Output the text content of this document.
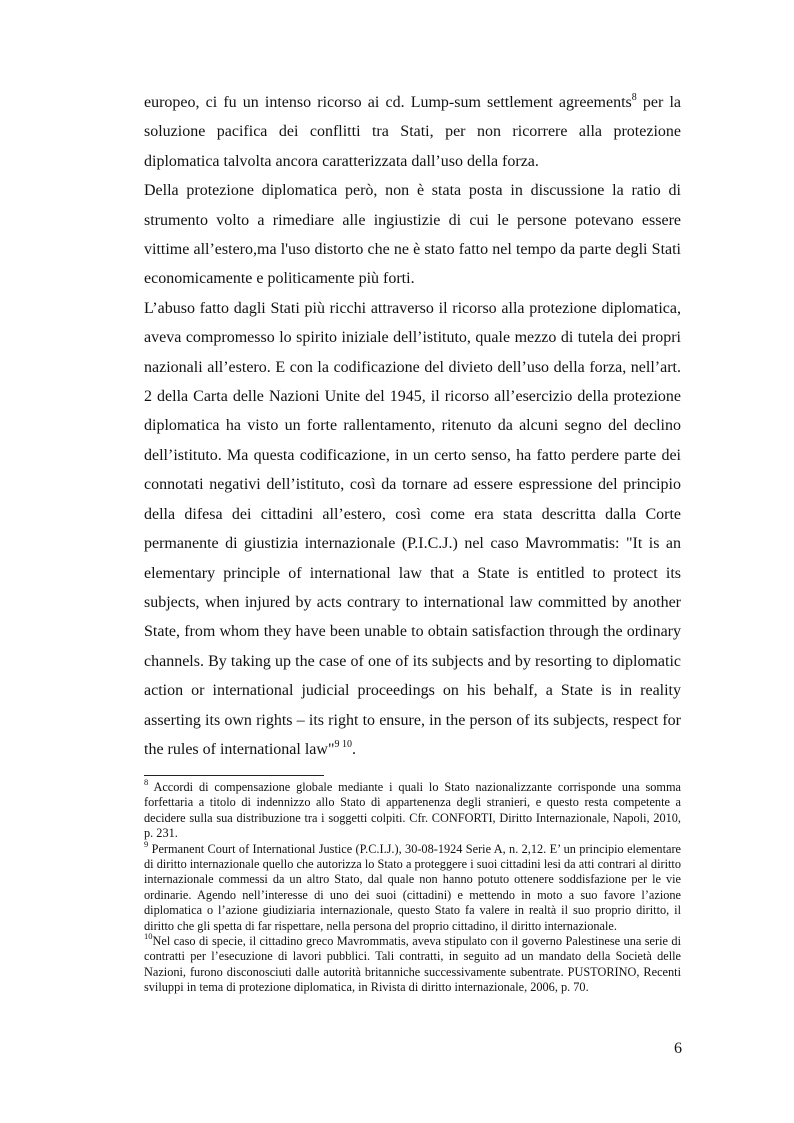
europeo, ci fu un intenso ricorso ai cd. Lump-sum settlement agreements$^8$ per la soluzione pacifica dei conflitti tra Stati, per non ricorrere alla protezione diplomatica talvolta ancora caratterizzata dall’uso della forza.

Della protezione diplomatica però, non è stata posta in discussione la ratio di strumento volto a rimediare alle ingiustizie di cui le persone potevano essere vittime all’estero,ma l'uso distorto che ne è stato fatto nel tempo da parte degli Stati economicamente e politicamente più forti.

L’abuso fatto dagli Stati più ricchi attraverso il ricorso alla protezione diplomatica, aveva compromesso lo spirito iniziale dell’istituto, quale mezzo di tutela dei propri nazionali all’estero. E con la codificazione del divieto dell’uso della forza, nell’art. 2 della Carta delle Nazioni Unite del 1945, il ricorso all’esercizio della protezione diplomatica ha visto un forte rallentamento, ritenuto da alcuni segno del declino dell’istituto. Ma questa codificazione, in un certo senso, ha fatto perdere parte dei connotati negativi dell’istituto, così da tornare ad essere espressione del principio della difesa dei cittadini all’estero, così come era stata descritta dalla Corte permanente di giustizia internazionale (P.I.C.J.) nel caso Mavrommatis: "It is an elementary principle of international law that a State is entitled to protect its subjects, when injured by acts contrary to international law committed by another State, from whom they have been unable to obtain satisfaction through the ordinary channels. By taking up the case of one of its subjects and by resorting to diplomatic action or international judicial proceedings on his behalf, a State is in reality asserting its own rights – its right to ensure, in the person of its subjects, respect for the rules of international law"$^{9 10}$.

$^8$ Accordi di compensazione globale mediante i quali lo Stato nazionalizzante corrisponde una somma forfettaria a titolo di indennizzo allo Stato di appartenenza degli stranieri, e questo resta competente a decidere sulla sua distribuzione tra i soggetti colpiti. Cfr. CONFORTI, Diritto Internazionale, Napoli, 2010, p. 231.

$^9$ Permanent Court of International Justice (P.C.I.J.), 30-08-1924 Serie A, n. 2,12. E’ un principio elementare di diritto internazionale quello che autorizza lo Stato a proteggere i suoi cittadini lesi da atti contrari al diritto internazionale commessi da un altro Stato, dal quale non hanno potuto ottenere soddisfazione per le vie ordinarie. Agendo nell’interesse di uno dei suoi (cittadini) e mettendo in moto a suo favore l’azione diplomatica o l’azione giudiziaria internazionale, questo Stato fa valere in realtà il suo proprio diritto, il diritto che gli spetta di far rispettare, nella persona del proprio cittadino, il diritto internazionale.

$^{10}$Nel caso di specie, il cittadino greco Mavrommatis, aveva stipulato con il governo Palestinese una serie di contratti per l’esecuzione di lavori pubblici. Tali contratti, in seguito ad un mandato della Società delle Nazioni, furono disconosciuti dalle autorità britanniche successivamente subentrate. PUSTORINO, Recenti sviluppi in tema di protezione diplomatica, in Rivista di diritto internazionale, 2006, p. 70.

6
